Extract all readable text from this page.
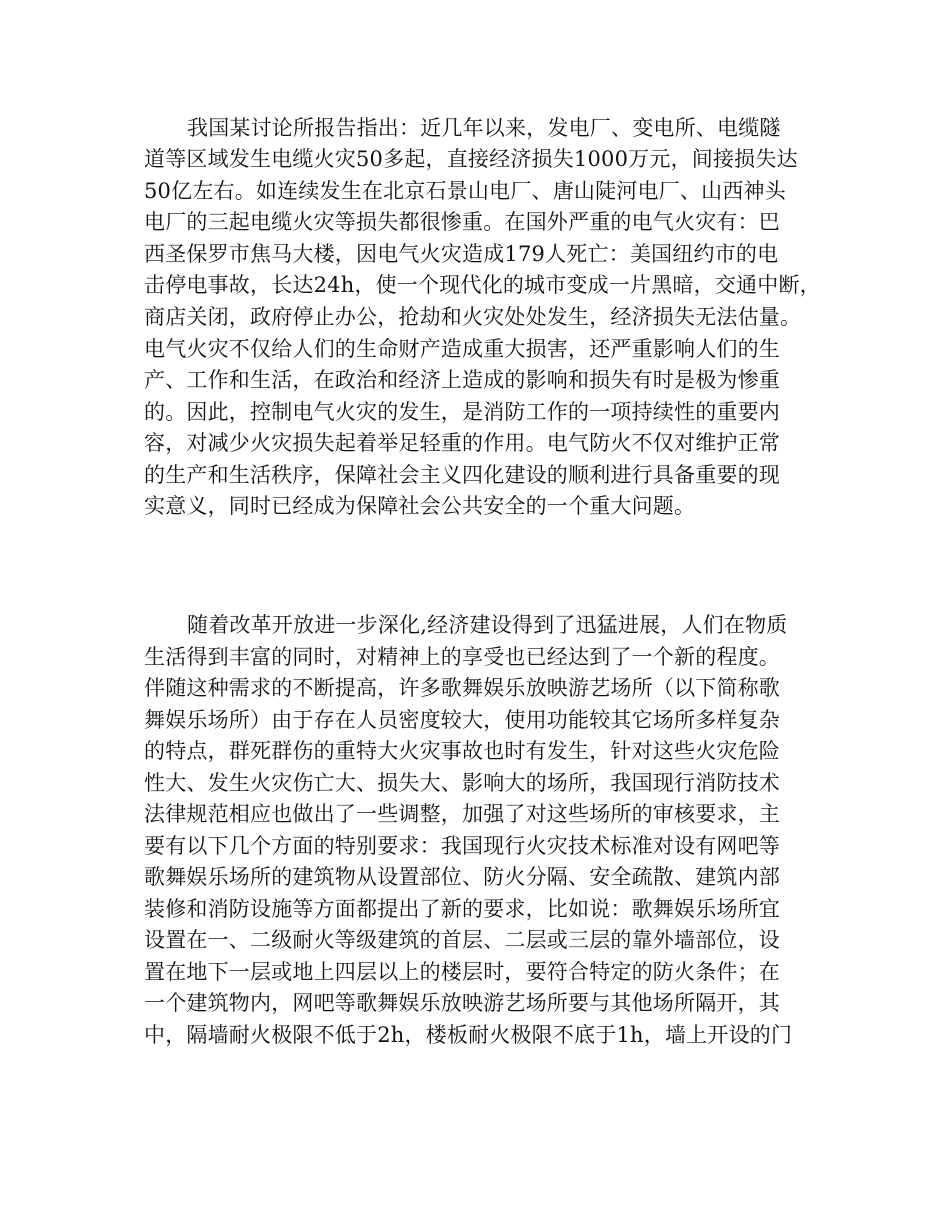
我国某讨论所报告指出：近几年以来，发电厂、变电所、电缆隧
道等区域发生电缆火灾50多起，直接经济损失1000万元，间接损失达
50亿左右。如连续发生在北京石景山电厂、唐山陡河电厂、山西神头
电厂的三起电缆火灾等损失都很惨重。在国外严重的电气火灾有：巴
西圣保罗市焦马大楼，因电气火灾造成179人死亡：美国纽约市的电
击停电事故，长达24h，使一个现代化的城市变成一片黑暗，交通中断，
商店关闭，政府停止办公，抢劫和火灾处处发生，经济损失无法估量。
电气火灾不仅给人们的生命财产造成重大损害，还严重影响人们的生
产、工作和生活，在政治和经济上造成的影响和损失有时是极为惨重
的。因此，控制电气火灾的发生，是消防工作的一项持续性的重要内
容，对减少火灾损失起着举足轻重的作用。电气防火不仅对维护正常
的生产和生活秩序，保障社会主义四化建设的顺利进行具备重要的现
实意义，同时已经成为保障社会公共安全的一个重大问题。
随着改革开放进一步深化,经济建设得到了迅猛进展，人们在物质
生活得到丰富的同时，对精神上的享受也已经达到了一个新的程度。
伴随这种需求的不断提高，许多歌舞娱乐放映游艺场所（以下简称歌
舞娱乐场所）由于存在人员密度较大，使用功能较其它场所多样复杂
的特点，群死群伤的重特大火灾事故也时有发生，针对这些火灾危险
性大、发生火灾伤亡大、损失大、影响大的场所，我国现行消防技术
法律规范相应也做出了一些调整，加强了对这些场所的审核要求，主
要有以下几个方面的特别要求：我国现行火灾技术标准对设有网吧等
歌舞娱乐场所的建筑物从设置部位、防火分隔、安全疏散、建筑内部
装修和消防设施等方面都提出了新的要求，比如说：歌舞娱乐场所宜
设置在一、二级耐火等级建筑的首层、二层或三层的靠外墙部位，设
置在地下一层或地上四层以上的楼层时，要符合特定的防火条件；在
一个建筑物内，网吧等歌舞娱乐放映游艺场所要与其他场所隔开，其
中，隔墙耐火极限不低于2h，楼板耐火极限不底于1h，墙上开设的门
